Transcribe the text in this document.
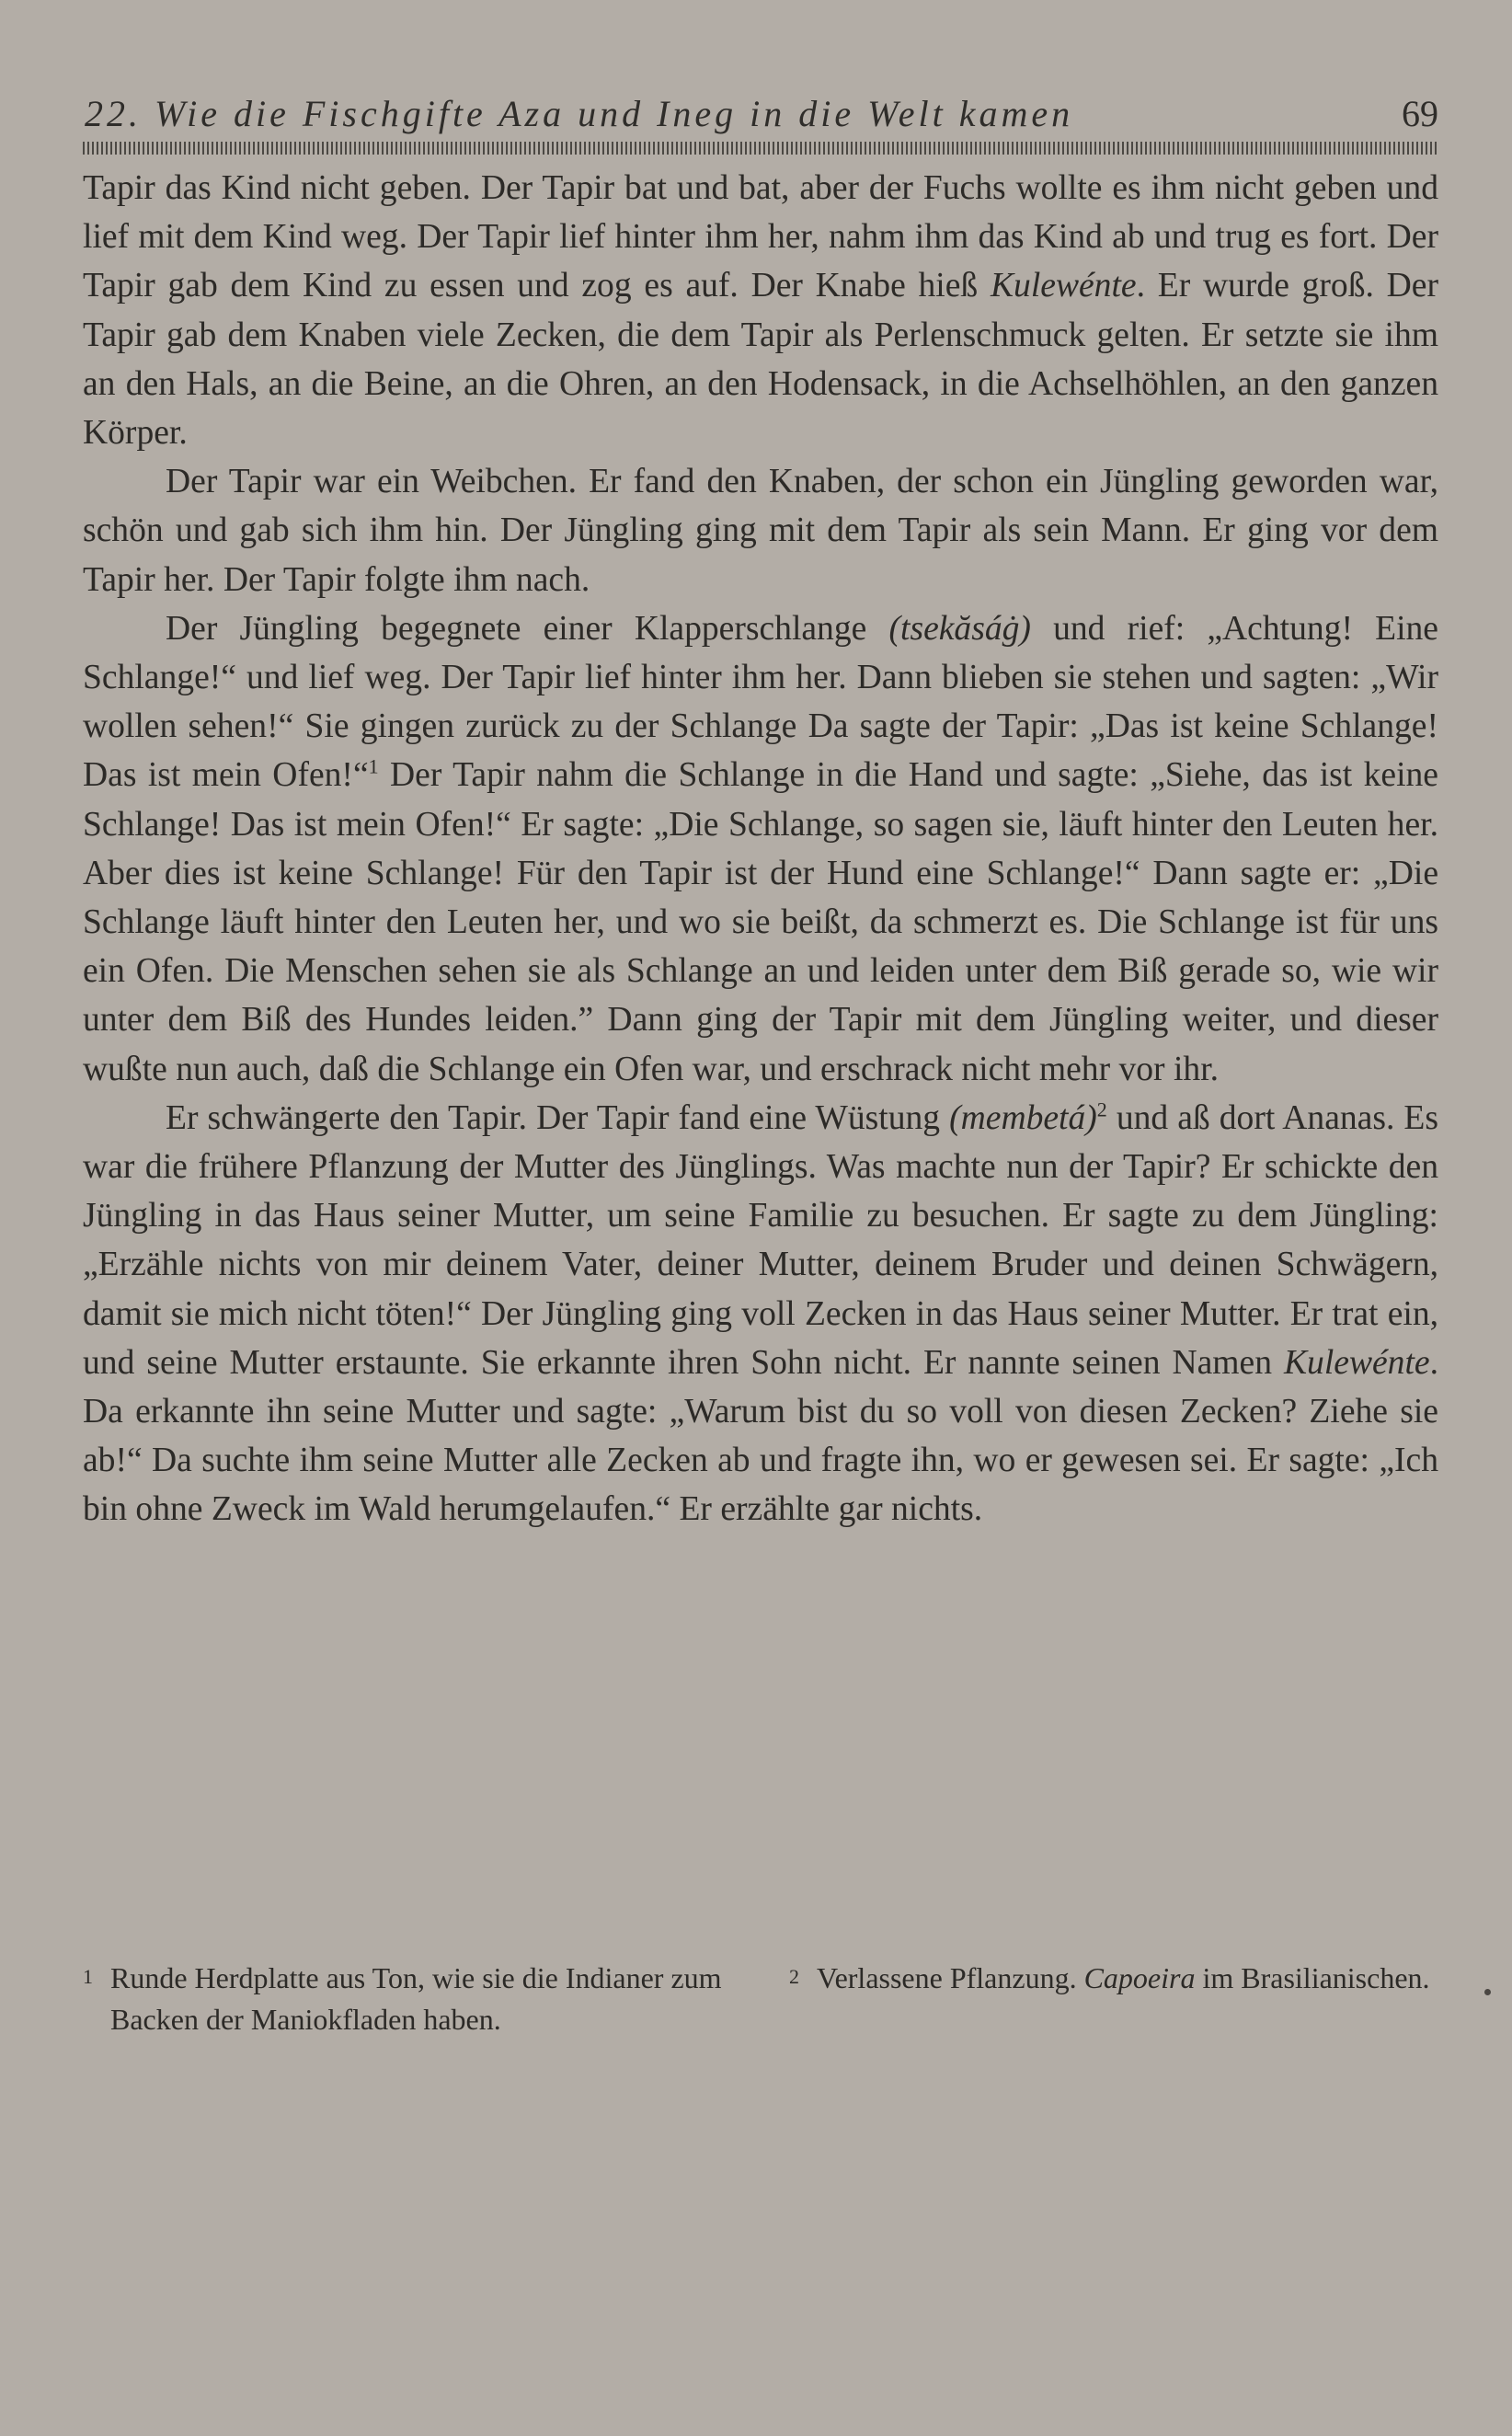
22. Wie die Fischgifte Aza und Ineg in die Welt kamen	69

Tapir das Kind nicht geben. Der Tapir bat und bat, aber der Fuchs wollte es ihm nicht geben und lief mit dem Kind weg. Der Tapir lief hinter ihm her, nahm ihm das Kind ab und trug es fort. Der Tapir gab dem Kind zu essen und zog es auf. Der Knabe hieß Kulewénte. Er wurde groß. Der Tapir gab dem Knaben viele Zecken, die dem Tapir als Perlenschmuck gelten. Er setzte sie ihm an den Hals, an die Beine, an die Ohren, an den Hodensack, in die Achselhöhlen, an den ganzen Körper.

Der Tapir war ein Weibchen. Er fand den Knaben, der schon ein Jüngling geworden war, schön und gab sich ihm hin. Der Jüngling ging mit dem Tapir als sein Mann. Er ging vor dem Tapir her. Der Tapir folgte ihm nach.

Der Jüngling begegnete einer Klapperschlange (tsekăsáġ) und rief: „Achtung! Eine Schlange!“ und lief weg. Der Tapir lief hinter ihm her. Dann blieben sie stehen und sagten: „Wir wollen sehen!“ Sie gingen zurück zu der Schlange Da sagte der Tapir: „Das ist keine Schlange! Das ist mein Ofen!“$^1$ Der Tapir nahm die Schlange in die Hand und sagte: „Siehe, das ist keine Schlange! Das ist mein Ofen!“ Er sagte: „Die Schlange, so sagen sie, läuft hinter den Leuten her. Aber dies ist keine Schlange! Für den Tapir ist der Hund eine Schlange!“ Dann sagte er: „Die Schlange läuft hinter den Leuten her, und wo sie beißt, da schmerzt es. Die Schlange ist für uns ein Ofen. Die Menschen sehen sie als Schlange an und leiden unter dem Biß gerade so, wie wir unter dem Biß des Hundes leiden.” Dann ging der Tapir mit dem Jüngling weiter, und dieser wußte nun auch, daß die Schlange ein Ofen war, und erschrack nicht mehr vor ihr.

Er schwängerte den Tapir. Der Tapir fand eine Wüstung (membetá)$^2$ und aß dort Ananas. Es war die frühere Pflanzung der Mutter des Jünglings. Was machte nun der Tapir? Er schickte den Jüngling in das Haus seiner Mutter, um seine Familie zu besuchen. Er sagte zu dem Jüngling: „Erzähle nichts von mir deinem Vater, deiner Mutter, deinem Bruder und deinen Schwägern, damit sie mich nicht töten!“ Der Jüngling ging voll Zecken in das Haus seiner Mutter. Er trat ein, und seine Mutter erstaunte. Sie erkannte ihren Sohn nicht. Er nannte seinen Namen Kulewénte. Da erkannte ihn seine Mutter und sagte: „Warum bist du so voll von diesen Zecken? Ziehe sie ab!“ Da suchte ihm seine Mutter alle Zecken ab und fragte ihn, wo er gewesen sei. Er sagte: „Ich bin ohne Zweck im Wald herumgelaufen.“ Er erzählte gar nichts.

1 Runde Herdplatte aus Ton, wie sie die Indianer zum Backen der Maniokfladen haben.
2 Verlassene Pflanzung. Capoeira im Brasilianischen.
